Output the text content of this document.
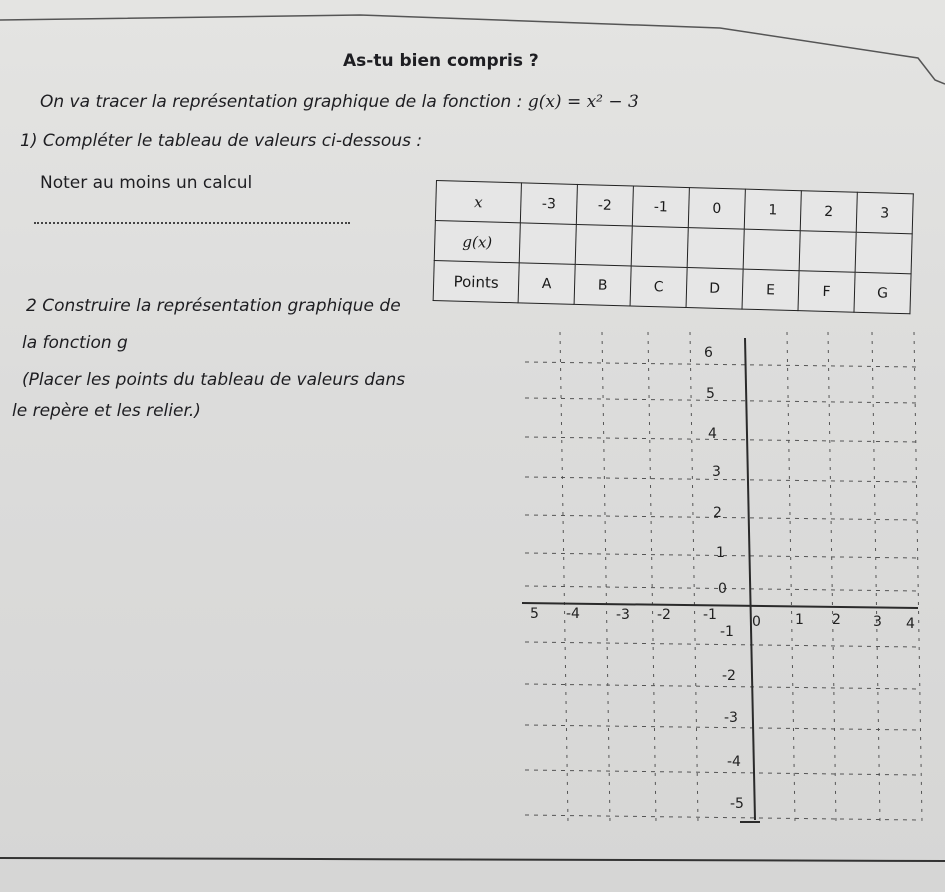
As-tu bien compris ?
On va tracer la représentation graphique de la fonction : g(x) = x² − 3
1) Compléter le tableau de valeurs ci-dessous :
Noter au moins un calcul
2 Construire la représentation graphique de
la fonction g
(Placer les points du tableau de valeurs dans
le repère et les relier.)
x	-3	-2	-1	0	1	2	3
g(x)							
Points	A	B	C	D	E	F	G
5 -4	-3 -2 -1	0 1 2 3 4
6
5
4
3
2
1
0
-1
-2
-3
-4
-5
